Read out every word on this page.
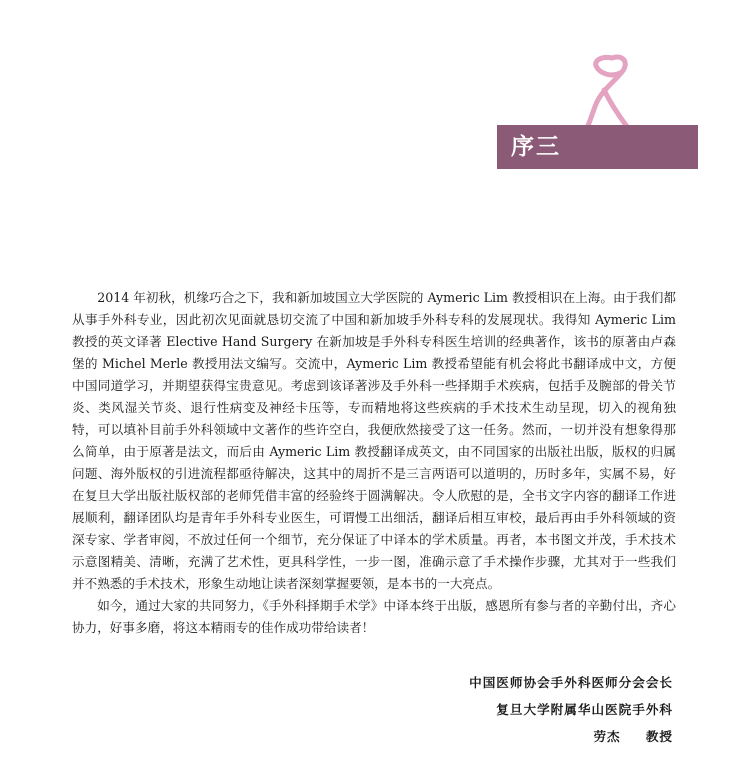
序三

2014 年初秋，机缘巧合之下，我和新加坡国立大学医院的 Aymeric Lim 教授相识在上海。由于我们都从事手外科专业，因此初次见面就恳切交流了中国和新加坡手外科专科的发展现状。我得知 Aymeric Lim 教授的英文译著 Elective Hand Surgery 在新加坡是手外科专科医生培训的经典著作，该书的原著由卢森堡的 Michel Merle 教授用法文编写。交流中，Aymeric Lim 教授希望能有机会将此书翻译成中文，方便中国同道学习，并期望获得宝贵意见。考虑到该译著涉及手外科一些择期手术疾病，包括手及腕部的骨关节炎、类风湿关节炎、退行性病变及神经卡压等，专而精地将这些疾病的手术技术生动呈现，切入的视角独特，可以填补目前手外科领域中文著作的些许空白，我便欣然接受了这一任务。然而，一切并没有想象得那么简单，由于原著是法文，而后由 Aymeric Lim 教授翻译成英文，由不同国家的出版社出版，版权的归属问题、海外版权的引进流程都亟待解决，这其中的周折不是三言两语可以道明的，历时多年，实属不易，好在复旦大学出版社版权部的老师凭借丰富的经验终于圆满解决。令人欣慰的是，全书文字内容的翻译工作进展顺利，翻译团队均是青年手外科专业医生，可谓慢工出细活，翻译后相互审校，最后再由手外科领域的资深专家、学者审阅，不放过任何一个细节，充分保证了中译本的学术质量。再者，本书图文并茂，手术技术示意图精美、清晰，充满了艺术性，更具科学性，一步一图，准确示意了手术操作步骤，尤其对于一些我们并不熟悉的手术技术，形象生动地让读者深刻掌握要领，是本书的一大亮点。

如今，通过大家的共同努力，《手外科择期手术学》中译本终于出版，感恩所有参与者的辛勤付出，齐心协力，好事多磨，将这本精雨专的佳作成功带给读者！

中国医师协会手外科医师分会会长
复旦大学附属华山医院手外科
劳杰 教授
